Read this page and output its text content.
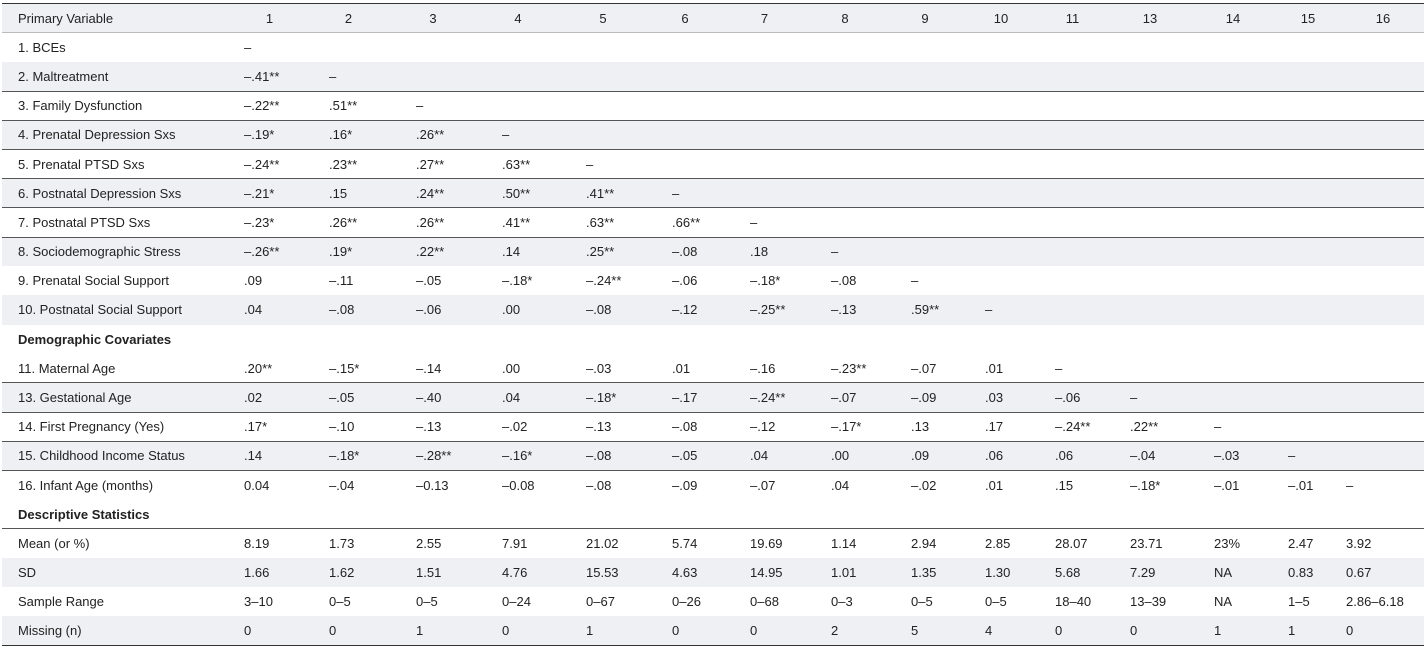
Primary Variable	1	2	3	4	5	6	7	8	9	10	11	13	14	15	16
1. BCEs	–														
2. Maltreatment	–.41**	–													
3. Family Dysfunction	–.22**	.51**	–												
4. Prenatal Depression Sxs	–.19*	.16*	.26**	–											
5. Prenatal PTSD Sxs	–.24**	.23**	.27**	.63**	–										
6. Postnatal Depression Sxs	–.21*	.15	.24**	.50**	.41**	–									
7. Postnatal PTSD Sxs	–.23*	.26**	.26**	.41**	.63**	.66**	–								
8. Sociodemographic Stress	–.26**	.19*	.22**	.14	.25**	–.08	.18	–							
9. Prenatal Social Support	.09	–.11	–.05	–.18*	–.24**	–.06	–.18*	–.08	–						
10. Postnatal Social Support	.04	–.08	–.06	.00	–.08	–.12	–.25**	–.13	.59**	–					
Demographic Covariates															
11. Maternal Age	.20**	–.15*	–.14	.00	–.03	.01	–.16	–.23**	–.07	.01	–				
13. Gestational Age	.02	–.05	–.40	.04	–.18*	–.17	–.24**	–.07	–.09	.03	–.06	–			
14. First Pregnancy (Yes)	.17*	–.10	–.13	–.02	–.13	–.08	–.12	–.17*	.13	.17	–.24**	.22**	–		
15. Childhood Income Status	.14	–.18*	–.28**	–.16*	–.08	–.05	.04	.00	.09	.06	.06	–.04	–.03	–	
16. Infant Age (months)	0.04	–.04	–0.13	–0.08	–.08	–.09	–.07	.04	–.02	.01	.15	–.18*	–.01	–.01	–
Descriptive Statistics															
Mean (or %)	8.19	1.73	2.55	7.91	21.02	5.74	19.69	1.14	2.94	2.85	28.07	23.71	23%	2.47	3.92
SD	1.66	1.62	1.51	4.76	15.53	4.63	14.95	1.01	1.35	1.30	5.68	7.29	NA	0.83	0.67
Sample Range	3–10	0–5	0–5	0–24	0–67	0–26	0–68	0–3	0–5	0–5	18–40	13–39	NA	1–5	2.86–6.18
Missing (n)	0	0	1	0	1	0	0	2	5	4	0	0	1	1	0
